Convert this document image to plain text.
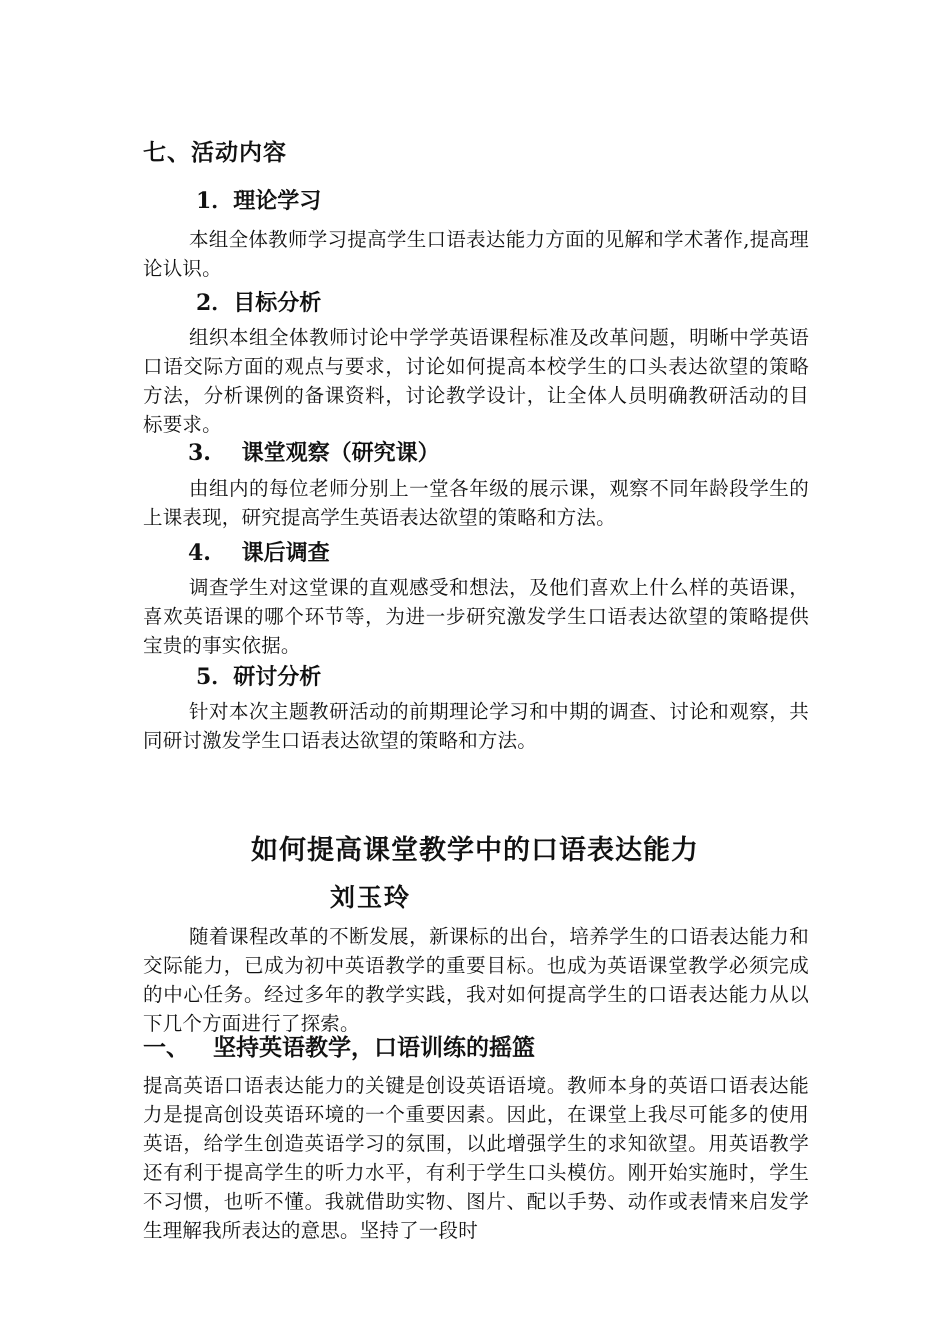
七、活动内容
1．理论学习
本组全体教师学习提高学生口语表达能力方面的见解和学术著作,提高理论认识。
2．目标分析
组织本组全体教师讨论中学学英语课程标准及改革问题，明晰中学英语口语交际方面的观点与要求，讨论如何提高本校学生的口头表达欲望的策略方法，分析课例的备课资料，讨论教学设计，让全体人员明确教研活动的目标要求。
3.    课堂观察（研究课）
由组内的每位老师分别上一堂各年级的展示课，观察不同年龄段学生的上课表现，研究提高学生英语表达欲望的策略和方法。
4.    课后调查
调查学生对这堂课的直观感受和想法，及他们喜欢上什么样的英语课，喜欢英语课的哪个环节等，为进一步研究激发学生口语表达欲望的策略提供宝贵的事实依据。
5．研讨分析
针对本次主题教研活动的前期理论学习和中期的调查、讨论和观察，共同研讨激发学生口语表达欲望的策略和方法。
如何提高课堂教学中的口语表达能力
刘玉玲
随着课程改革的不断发展，新课标的出台，培养学生的口语表达能力和交际能力，已成为初中英语教学的重要目标。也成为英语课堂教学必须完成的中心任务。经过多年的教学实践，我对如何提高学生的口语表达能力从以下几个方面进行了探索。
一、   坚持英语教学，口语训练的摇篮
提高英语口语表达能力的关键是创设英语语境。教师本身的英语口语表达能力是提高创设英语环境的一个重要因素。因此，在课堂上我尽可能多的使用英语，给学生创造英语学习的氛围，以此增强学生的求知欲望。用英语教学还有利于提高学生的听力水平，有利于学生口头模仿。刚开始实施时，学生不习惯，也听不懂。我就借助实物、图片、配以手势、动作或表情来启发学生理解我所表达的意思。坚持了一段时
